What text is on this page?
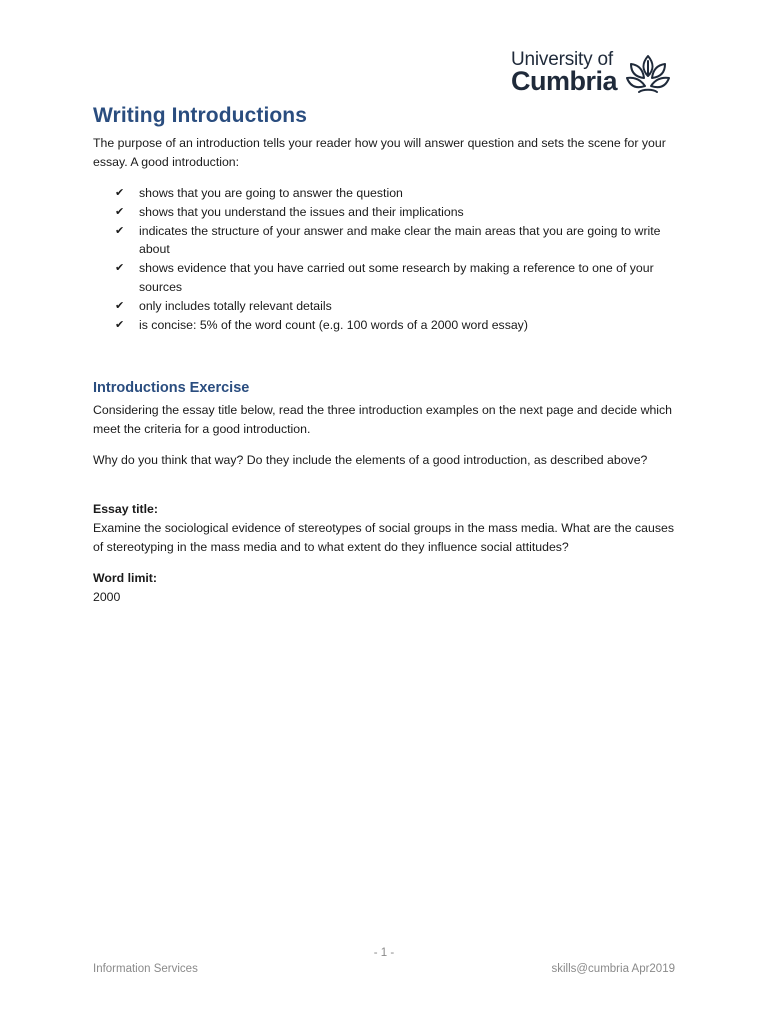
University of
Cumbria
Writing Introductions

The purpose of an introduction tells your reader how you will answer question and sets the scene for your essay. A good introduction:

✔ shows that you are going to answer the question
✔ shows that you understand the issues and their implications
✔ indicates the structure of your answer and make clear the main areas that you are going to write about
✔ shows evidence that you have carried out some research by making a reference to one of your sources
✔ only includes totally relevant details
✔ is concise: 5% of the word count (e.g. 100 words of a 2000 word essay)
Introductions Exercise

Considering the essay title below, read the three introduction examples on the next page and decide which meet the criteria for a good introduction.

Why do you think that way? Do they include the elements of a good introduction, as described above?

Essay title:

Examine the sociological evidence of stereotypes of social groups in the mass media. What are the causes of stereotyping in the mass media and to what extent do they influence social attitudes?

Word limit:

2000

- 1 -
Information Services	skills@cumbria Apr2019
